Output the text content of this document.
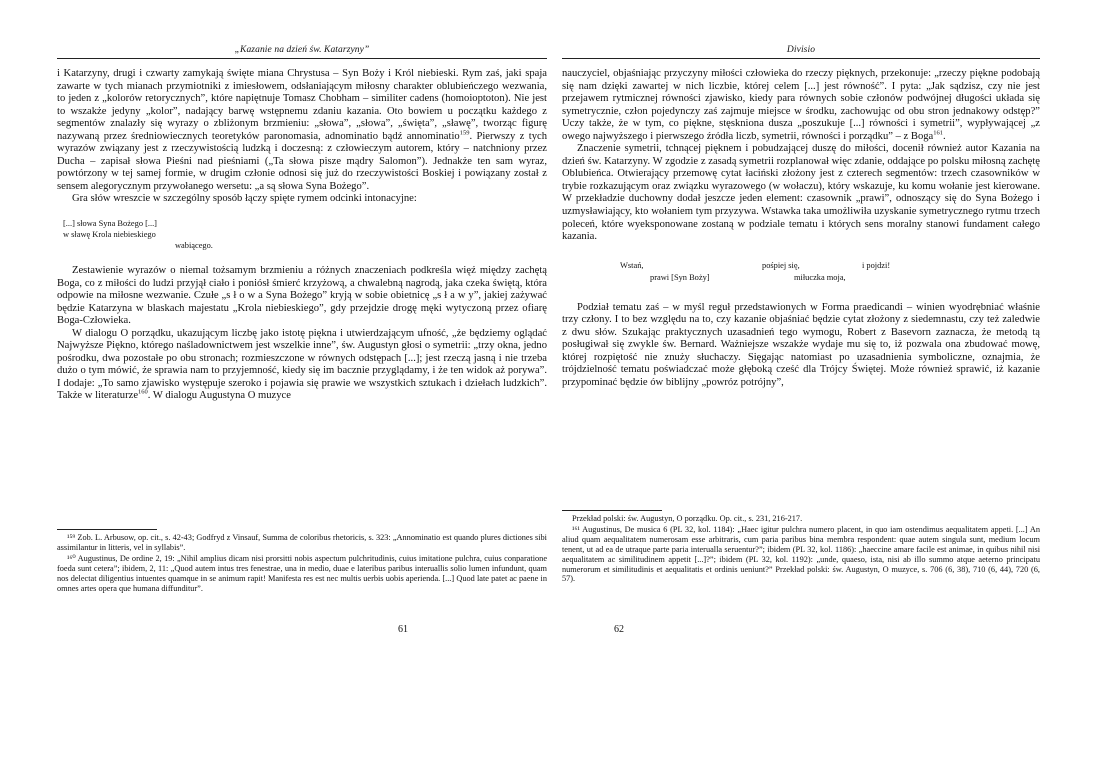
„Kazanie na dzień św. Katarzyny”

i Katarzyny, drugi i czwarty zamykają święte miana Chrystusa – Syn Boży i Król niebieski. Rym zaś, jaki spaja zawarte w tych mianach przymiotniki z imiesłowem, odsłaniającym miłosny charakter oblubieńczego wezwania, to jeden z „kolorów retorycznych”, które napiętnuje Tomasz Chobham – similiter cadens (homoioptoton). Nie jest to wszakże jedyny „kolor”, nadający barwę wstępnemu zdaniu kazania. Oto bowiem u początku każdego z segmentów znalazły się wyrazy o zbliżonym brzmieniu: „słowa”, „słowa”, „święta”, „sławę”, tworząc figurę nazywaną przez średniowiecznych teoretyków paronomasia, adnominatio bądź annominatio$^{159}$. Pierwszy z tych wyrazów związany jest z rzeczywistością ludzką i doczesną: z człowieczym autorem, który – natchniony przez Ducha – zapisał słowa Pieśni nad pieśniami („Ta słowa pisze mądry Salomon”). Jednakże ten sam wyraz, powtórzony w tej samej formie, w drugim członie odnosi się już do rzeczywistości Boskiej i powiązany został z sensem alegorycznym przywołanego wersetu: „a są słowa Syna Bożego”.

Gra słów wreszcie w szczególny sposób łączy spięte rymem odcinki intonacyjne:

[...] słowa Syna Bożego [...]
w sławę Krola niebieskiego
wabiącego.

Zestawienie wyrazów o niemal tożsamym brzmieniu a różnych znaczeniach podkreśla więź między zachętą Boga, co z miłości do ludzi przyjął ciało i poniósł śmierć krzyżową, a chwalebną nagrodą, jaka czeka świętą, która odpowie na miłosne wezwanie. Czułe „s ł o w a Syna Bożego” kryją w sobie obietnicę „s ł a w y”, jakiej zażywać będzie Katarzyna w blaskach majestatu „Krola niebieskiego”, gdy przejdzie drogę męki wytyczoną przez ofiarę Boga-Człowieka.

W dialogu O porządku, ukazującym liczbę jako istotę piękna i utwierdzającym ufność, „że będziemy oglądać Najwyższe Piękno, którego naśladownictwem jest wszelkie inne”, św. Augustyn głosi o symetrii: „trzy okna, jedno pośrodku, dwa pozostałe po obu stronach; rozmieszczone w równych odstępach [...]; jest rzeczą jasną i nie trzeba dużo o tym mówić, że sprawia nam to przyjemność, kiedy się im bacznie przyglądamy, i że ten widok aż porywa”. I dodaje: „To samo zjawisko występuje szeroko i pojawia się prawie we wszystkich sztukach i dziełach ludzkich”. Także w literaturze$^{160}$. W dialogu Augustyna O muzyce

¹⁵⁹ Zob. L. Arbusow, op. cit., s. 42-43; Godfryd z Vinsauf, Summa de coloribus rhetoricis, s. 323: „Annominatio est quando plures dictiones sibi assimilantur in litteris, vel in syllabis”.

¹⁶⁰ Augustinus, De ordine 2, 19: „Nihil amplius dicam nisi prorsitti nobis aspectum pulchritudinis, cuius imitatione pulchra, cuius conparatione foeda sunt cetera”; ibidem, 2, 11: „Quod autem intus tres fenestrae, una in medio, duae e lateribus paribus interuallis solio lumen infundunt, quam nos delectat diligentius intuentes quamque in se animum rapit! Manifesta res est nec multis uerbis uobis aperienda. [...] Quod late patet ac paene in omnes artes opera que humana diffunditur”.

61
Divisio

nauczyciel, objaśniając przyczyny miłości człowieka do rzeczy pięknych, przekonuje: „rzeczy piękne podobają się nam dzięki zawartej w nich liczbie, której celem [...] jest równość”. I pyta: „Jak sądzisz, czy nie jest przejawem rytmicznej równości zjawisko, kiedy para równych sobie członów podwójnej długości układa się symetrycznie, człon pojedynczy zaś zajmuje miejsce w środku, zachowując od obu stron jednakowy odstęp?” Uczy także, że w tym, co piękne, stęskniona dusza „poszukuje [...] równości i symetrii”, wypływającej „z owego najwyższego i pierwszego źródła liczb, symetrii, równości i porządku” – z Boga$^{161}$.

Znaczenie symetrii, tchnącej pięknem i pobudzającej duszę do miłości, docenił również autor Kazania na dzień św. Katarzyny. W zgodzie z zasadą symetrii rozplanował więc zdanie, oddające po polsku miłosną zachętę Oblubieńca. Otwierający przemowę cytat łaciński złożony jest z czterech segmentów: trzech czasowników w trybie rozkazującym oraz związku wyrazowego (w wołaczu), który wskazuje, ku komu wołanie jest kierowane. W przekładzie duchowny dodał jeszcze jeden element: czasownik „prawi”, odnoszący się do Syna Bożego i uzmysławiający, kto wołaniem tym przyzywa. Wstawka taka umożliwiła uzyskanie symetrycznego rytmu trzech poleceń, które wyeksponowane zostaną w podziale tematu i których sens moralny stanowi fundament całego kazania.

Wstań,	pośpiej się,	i pojdzi!
prawi [Syn Boży]	miłuczka moja,

Podział tematu zaś – w myśl reguł przedstawionych w Forma praedicandi – winien wyodrębniać właśnie trzy człony. I to bez względu na to, czy kazanie objaśniać będzie cytat złożony z siedemnastu, czy też zaledwie z dwu słów. Szukając praktycznych uzasadnień tego wymogu, Robert z Basevorn zaznacza, że metodą tą posługiwał się zwykle św. Bernard. Ważniejsze wszakże wydaje mu się to, iż pozwala ona zbudować mowę, której rozpiętość nie znuży słuchaczy. Sięgając natomiast po uzasadnienia symboliczne, oznajmia, że trójdzielność tematu poświadczać może głęboką cześć dla Trójcy Świętej. Może również sprawić, iż kazanie przypominać będzie ów biblijny „powróz potrójny”,

Przekład polski: św. Augustyn, O porządku. Op. cit., s. 231, 216-217.

¹⁶¹ Augustinus, De musica 6 (PL 32, kol. 1184): „Haec igitur pulchra numero placent, in quo iam ostendimus aequalitatem appeti. [...] An aliud quam aequalitatem numerosam esse arbitraris, cum paria paribus bina membra respondent: quae autem singula sunt, medium locum tenent, ut ad ea de utraque parte paria interualla seruentur?”; ibidem (PL 32, kol. 1186): „haeccine amare facile est animae, in quibus nihil nisi aequalitatem ac similitudinem appetit [...]?”; ibidem (PL 32, kol. 1192): „unde, quaeso, ista, nisi ab illo summo atque aeterno principatu numerorum et similitudinis et aequalitatis et ordinis ueniunt?” Przekład polski: św. Augustyn, O muzyce, s. 706 (6, 38), 710 (6, 44), 720 (6, 57).

62
